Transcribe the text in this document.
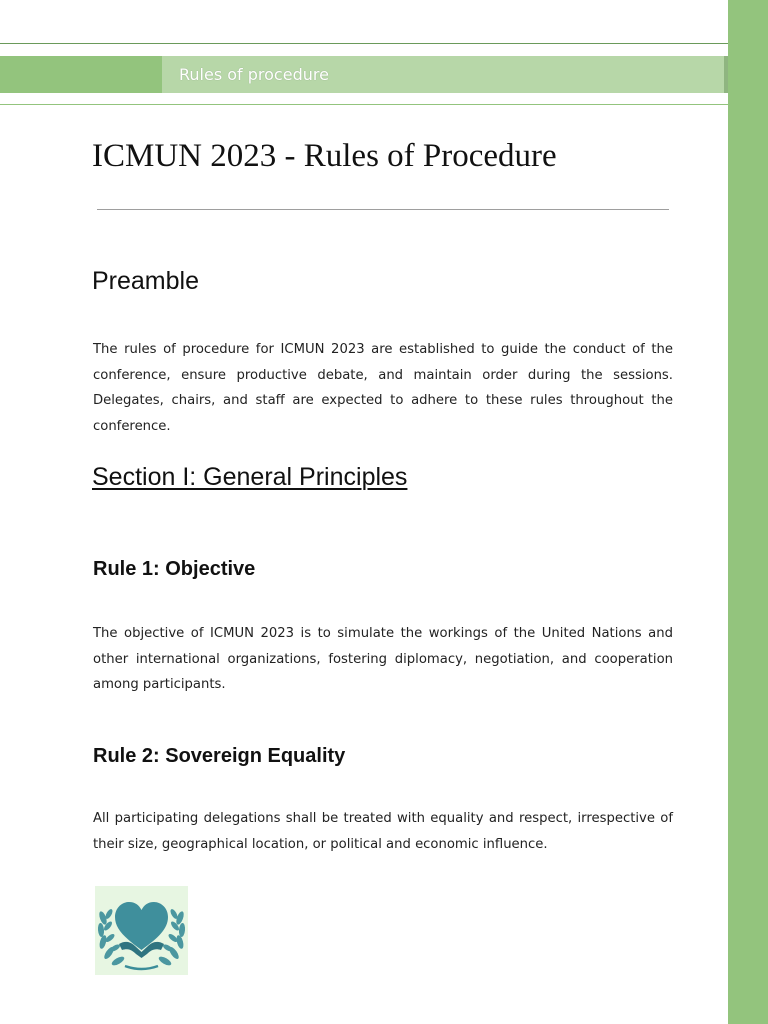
Rules of procedure
ICMUN 2023 - Rules of Procedure
Preamble

The rules of procedure for ICMUN 2023 are established to guide the conduct of the conference, ensure productive debate, and maintain order during the sessions. Delegates, chairs, and staff are expected to adhere to these rules throughout the conference.

Section I: General Principles
Rule 1: Objective

The objective of ICMUN 2023 is to simulate the workings of the United Nations and other international organizations, fostering diplomacy, negotiation, and cooperation among participants.

Rule 2: Sovereign Equality

All participating delegations shall be treated with equality and respect, irrespective of their size, geographical location, or political and economic influence.
